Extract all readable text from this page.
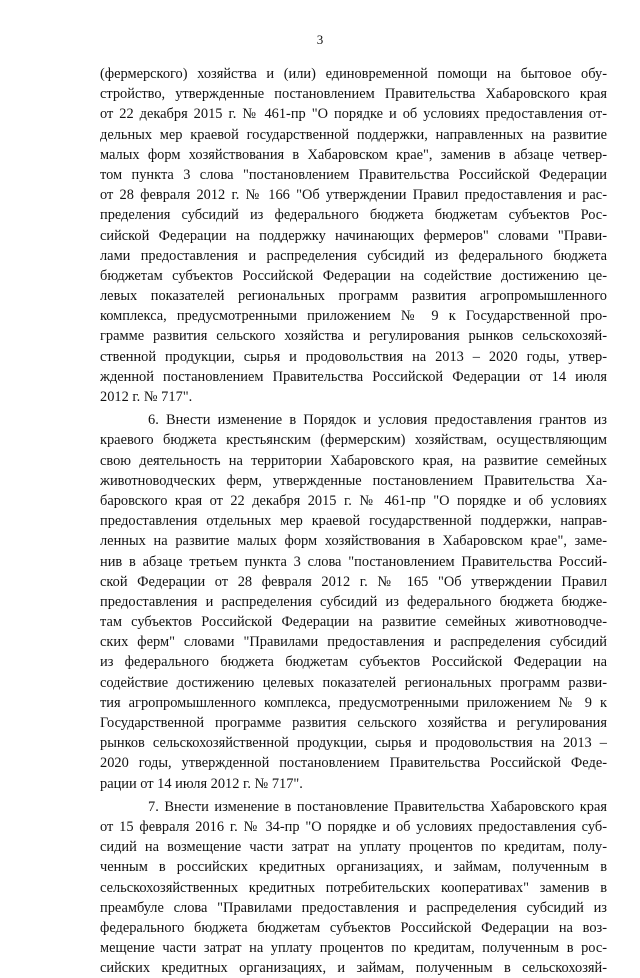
3
(фермерского) хозяйства и (или) единовременной помощи на бытовое обу-
стройство, утвержденные постановлением Правительства Хабаровского края
от 22 декабря 2015 г. № 461-пр "О порядке и об условиях предоставления от-
дельных мер краевой государственной поддержки, направленных на развитие
малых форм хозяйствования в Хабаровском крае", заменив в абзаце четвер-
том пункта 3 слова "постановлением Правительства Российской Федерации
от 28 февраля 2012 г. № 166 "Об утверждении Правил предоставления и рас-
пределения субсидий из федерального бюджета бюджетам субъектов Рос-
сийской Федерации на поддержку начинающих фермеров" словами "Прави-
лами предоставления и распределения субсидий из федерального бюджета
бюджетам субъектов Российской Федерации на содействие достижению це-
левых показателей региональных программ развития агропромышленного
комплекса, предусмотренными приложением № 9 к Государственной про-
грамме развития сельского хозяйства и регулирования рынков сельскохозяй-
ственной продукции, сырья и продовольствия на 2013 – 2020 годы, утвер-
жденной постановлением Правительства Российской Федерации от 14 июля
2012 г. № 717".
6. Внести изменение в Порядок и условия предоставления грантов из
краевого бюджета крестьянским (фермерским) хозяйствам, осуществляющим
свою деятельность на территории Хабаровского края, на развитие семейных
животноводческих ферм, утвержденные постановлением Правительства Ха-
баровского края от 22 декабря 2015 г. № 461-пр "О порядке и об условиях
предоставления отдельных мер краевой государственной поддержки, направ-
ленных на развитие малых форм хозяйствования в Хабаровском крае", заме-
нив в абзаце третьем пункта 3 слова "постановлением Правительства Россий-
ской Федерации от 28 февраля 2012 г. № 165 "Об утверждении Правил
предоставления и распределения субсидий из федерального бюджета бюдже-
там субъектов Российской Федерации на развитие семейных животноводче-
ских ферм" словами "Правилами предоставления и распределения субсидий
из федерального бюджета бюджетам субъектов Российской Федерации на
содействие достижению целевых показателей региональных программ разви-
тия агропромышленного комплекса, предусмотренными приложением № 9 к
Государственной программе развития сельского хозяйства и регулирования
рынков сельскохозяйственной продукции, сырья и продовольствия на 2013 –
2020 годы, утвержденной постановлением Правительства Российской Феде-
рации от 14 июля 2012 г. № 717".
7. Внести изменение в постановление Правительства Хабаровского края
от 15 февраля 2016 г. № 34-пр "О порядке и об условиях предоставления суб-
сидий на возмещение части затрат на уплату процентов по кредитам, полу-
ченным в российских кредитных организациях, и займам, полученным в
сельскохозяйственных кредитных потребительских кооперативах" заменив в
преамбуле слова "Правилами предоставления и распределения субсидий из
федерального бюджета бюджетам субъектов Российской Федерации на воз-
мещение части затрат на уплату процентов по кредитам, полученным в рос-
сийских кредитных организациях, и займам, полученным в сельскохозяй-
